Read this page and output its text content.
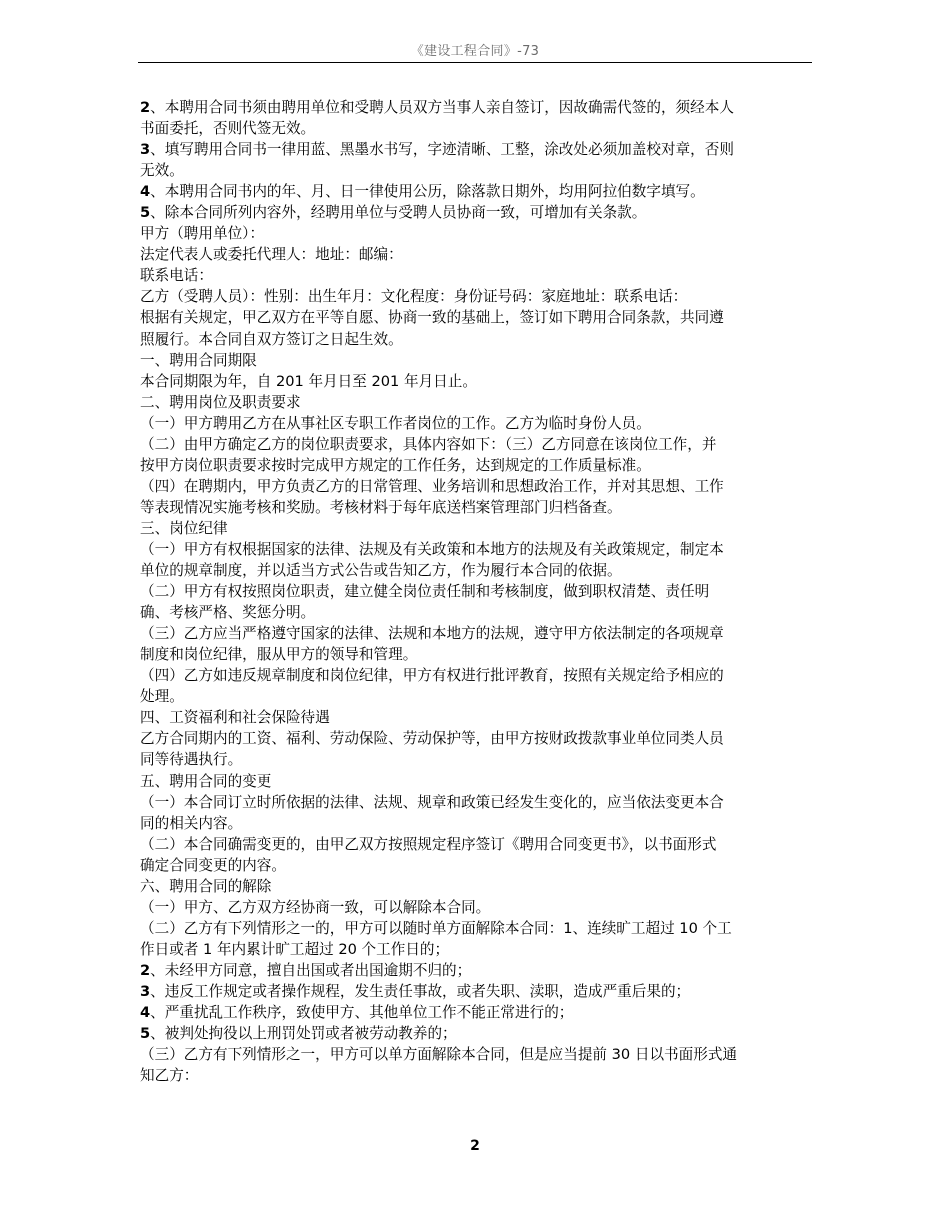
《建设工程合同》-73
2、本聘用合同书须由聘用单位和受聘人员双方当事人亲自签订，因故确需代签的，须经本人
书面委托，否则代签无效。
3、填写聘用合同书一律用蓝、黑墨水书写，字迹清晰、工整，涂改处必须加盖校对章，否则
无效。
4、本聘用合同书内的年、月、日一律使用公历，除落款日期外，均用阿拉伯数字填写。
5、除本合同所列内容外，经聘用单位与受聘人员协商一致，可增加有关条款。
甲方（聘用单位）：
法定代表人或委托代理人：地址：邮编：
联系电话：
乙方（受聘人员）：性别：出生年月：文化程度：身份证号码：家庭地址：联系电话：
根据有关规定，甲乙双方在平等自愿、协商一致的基础上，签订如下聘用合同条款，共同遵
照履行。本合同自双方签订之日起生效。
一、聘用合同期限
本合同期限为年，自 201 年月日至 201 年月日止。
二、聘用岗位及职责要求
（一）甲方聘用乙方在从事社区专职工作者岗位的工作。乙方为临时身份人员。
（二）由甲方确定乙方的岗位职责要求，具体内容如下：（三）乙方同意在该岗位工作，并
按甲方岗位职责要求按时完成甲方规定的工作任务，达到规定的工作质量标准。
（四）在聘期内，甲方负责乙方的日常管理、业务培训和思想政治工作，并对其思想、工作
等表现情况实施考核和奖励。考核材料于每年底送档案管理部门归档备查。
三、岗位纪律
（一）甲方有权根据国家的法律、法规及有关政策和本地方的法规及有关政策规定，制定本
单位的规章制度，并以适当方式公告或告知乙方，作为履行本合同的依据。
（二）甲方有权按照岗位职责，建立健全岗位责任制和考核制度，做到职权清楚、责任明
确、考核严格、奖惩分明。
（三）乙方应当严格遵守国家的法律、法规和本地方的法规，遵守甲方依法制定的各项规章
制度和岗位纪律，服从甲方的领导和管理。
（四）乙方如违反规章制度和岗位纪律，甲方有权进行批评教育，按照有关规定给予相应的
处理。
四、工资福利和社会保险待遇
乙方合同期内的工资、福利、劳动保险、劳动保护等，由甲方按财政拨款事业单位同类人员
同等待遇执行。
五、聘用合同的变更
（一）本合同订立时所依据的法律、法规、规章和政策已经发生变化的，应当依法变更本合
同的相关内容。
（二）本合同确需变更的，由甲乙双方按照规定程序签订《聘用合同变更书》，以书面形式
确定合同变更的内容。
六、聘用合同的解除
（一）甲方、乙方双方经协商一致，可以解除本合同。
（二）乙方有下列情形之一的，甲方可以随时单方面解除本合同：1、连续旷工超过 10 个工
作日或者 1 年内累计旷工超过 20 个工作日的；
2、未经甲方同意，擅自出国或者出国逾期不归的；
3、违反工作规定或者操作规程，发生责任事故，或者失职、渎职，造成严重后果的；
4、严重扰乱工作秩序，致使甲方、其他单位工作不能正常进行的；
5、被判处拘役以上刑罚处罚或者被劳动教养的；
（三）乙方有下列情形之一，甲方可以单方面解除本合同，但是应当提前 30 日以书面形式通
知乙方：
2
